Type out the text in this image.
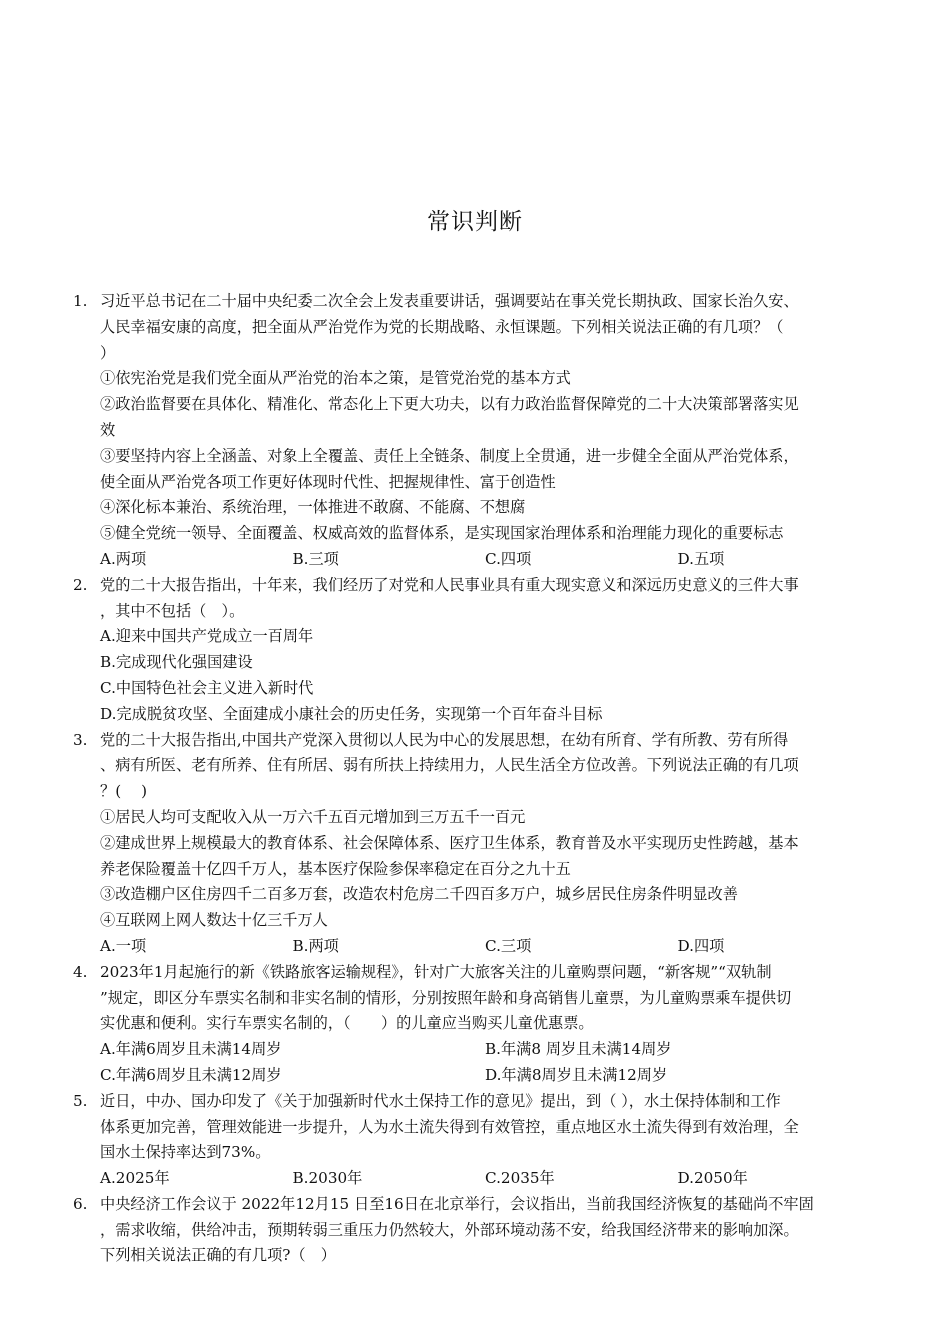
常识判断
1. 习近平总书记在二十届中央纪委二次全会上发表重要讲话，强调要站在事关党长期执政、国家长治久安、
人民幸福安康的高度，把全面从严治党作为党的长期战略、永恒课题。下列相关说法正确的有几项？（
）
①依宪治党是我们党全面从严治党的治本之策，是管党治党的基本方式
②政治监督要在具体化、精准化、常态化上下更大功夫，以有力政治监督保障党的二十大决策部署落实见
效
③要坚持内容上全涵盖、对象上全覆盖、责任上全链条、制度上全贯通，进一步健全全面从严治党体系，
使全面从严治党各项工作更好体现时代性、把握规律性、富于创造性
④深化标本兼治、系统治理，一体推进不敢腐、不能腐、不想腐
⑤健全党统一领导、全面覆盖、权威高效的监督体系，是实现国家治理体系和治理能力现化的重要标志
A.两项	B.三项	C.四项	D.五项
2. 党的二十大报告指出，十年来，我们经历了对党和人民事业具有重大现实意义和深远历史意义的三件大事
，其中不包括（　）。
A.迎来中国共产党成立一百周年
B.完成现代化强国建设
C.中国特色社会主义进入新时代
D.完成脱贫攻坚、全面建成小康社会的历史任务，实现第一个百年奋斗目标
3. 党的二十大报告指出,中国共产党深入贯彻以人民为中心的发展思想，在幼有所育、学有所教、劳有所得
、病有所医、老有所养、住有所居、弱有所扶上持续用力，人民生活全方位改善。下列说法正确的有几项
？(　 )
①居民人均可支配收入从一万六千五百元增加到三万五千一百元
②建成世界上规模最大的教育体系、社会保障体系、医疗卫生体系，教育普及水平实现历史性跨越，基本
养老保险覆盖十亿四千万人，基本医疗保险参保率稳定在百分之九十五
③改造棚户区住房四千二百多万套，改造农村危房二千四百多万户，城乡居民住房条件明显改善
④互联网上网人数达十亿三千万人
A.一项	B.两项	C.三项	D.四项
4. 2023年1月起施行的新《铁路旅客运输规程》，针对广大旅客关注的儿童购票问题，“新客规”“双轨制
”规定，即区分车票实名制和非实名制的情形，分别按照年龄和身高销售儿童票，为儿童购票乘车提供切
实优惠和便利。实行车票实名制的，（　　）的儿童应当购买儿童优惠票。
A.年满6周岁且未满14周岁	B.年满8 周岁且未满14周岁
C.年满6周岁且未满12周岁	D.年满8周岁且未满12周岁
5. 近日，中办、国办印发了《关于加强新时代水土保持工作的意见》提出，到（ ），水土保持体制和工作
体系更加完善，管理效能进一步提升，人为水土流失得到有效管控，重点地区水土流失得到有效治理，全
国水土保持率达到73%。
A.2025年	B.2030年	C.2035年	D.2050年
6. 中央经济工作会议于 2022年12月15 日至16日在北京举行，会议指出，当前我国经济恢复的基础尚不牢固
，需求收缩，供给冲击，预期转弱三重压力仍然较大，外部环境动荡不安，给我国经济带来的影响加深。
下列相关说法正确的有几项?（　）
